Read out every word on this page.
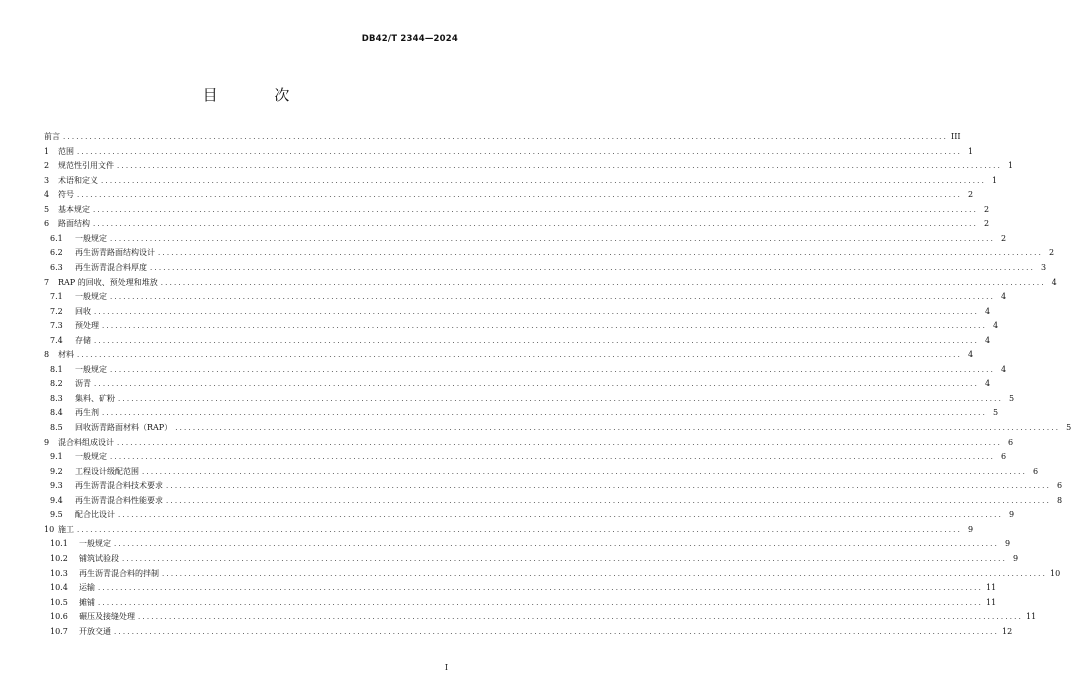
DB42/T 2344—2024
目 次
前言 ........................................................................................................................................................................................................ III
1	范围 ........................................................................................................................................................................................................ 1
2	规范性引用文件 ........................................................................................................................................................................................................ 1
3	术语和定义 ........................................................................................................................................................................................................ 1
4	符号 ........................................................................................................................................................................................................ 2
5	基本规定 ........................................................................................................................................................................................................ 2
6	路面结构 ........................................................................................................................................................................................................ 2
6.1	一般规定 ........................................................................................................................................................................................................ 2
6.2	再生沥青路面结构设计 ........................................................................................................................................................................................................ 2
6.3	再生沥青混合料厚度 ........................................................................................................................................................................................................ 3
7	RAP 的回收、预处理和堆放 ........................................................................................................................................................................................................ 4
7.1	一般规定 ........................................................................................................................................................................................................ 4
7.2	回收 ........................................................................................................................................................................................................ 4
7.3	预处理 ........................................................................................................................................................................................................ 4
7.4	存储 ........................................................................................................................................................................................................ 4
8	材料 ........................................................................................................................................................................................................ 4
8.1	一般规定 ........................................................................................................................................................................................................ 4
8.2	沥青 ........................................................................................................................................................................................................ 4
8.3	集料、矿粉 ........................................................................................................................................................................................................ 5
8.4	再生剂 ........................................................................................................................................................................................................ 5
8.5	回收沥青路面材料（RAP） ........................................................................................................................................................................................................ 5
9	混合料组成设计 ........................................................................................................................................................................................................ 6
9.1	一般规定 ........................................................................................................................................................................................................ 6
9.2	工程设计级配范围 ........................................................................................................................................................................................................ 6
9.3	再生沥青混合料技术要求 ........................................................................................................................................................................................................ 6
9.4	再生沥青混合料性能要求 ........................................................................................................................................................................................................ 8
9.5	配合比设计 ........................................................................................................................................................................................................ 9
10 施工 ........................................................................................................................................................................................................ 9
10.1	一般规定 ........................................................................................................................................................................................................ 9
10.2	铺筑试验段 ........................................................................................................................................................................................................ 9
10.3	再生沥青混合料的拌制 ........................................................................................................................................................................................................ 10
10.4	运输 ........................................................................................................................................................................................................ 11
10.5	摊铺 ........................................................................................................................................................................................................ 11
10.6	碾压及接缝处理 ........................................................................................................................................................................................................ 11
10.7	开放交通 ........................................................................................................................................................................................................ 12
I
